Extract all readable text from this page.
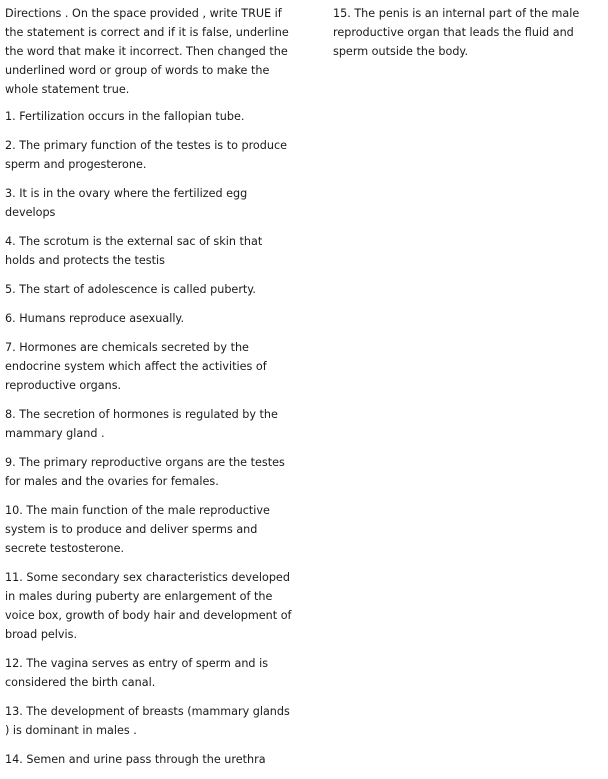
Directions . On the space provided , write TRUE if the statement is correct and if it is false, underline the word that make it incorrect. Then changed the underlined word or group of words to make the whole statement true.

1. Fertilization occurs in the fallopian tube.

2. The primary function of the testes is to produce sperm and progesterone.

3. It is in the ovary where the fertilized egg develops

4. The scrotum is the external sac of skin that holds and protects the testis

5. The start of adolescence is called puberty.

6. Humans reproduce asexually.

7. Hormones are chemicals secreted by the endocrine system which affect the activities of reproductive organs.

8. The secretion of hormones is regulated by the mammary gland .

9. The primary reproductive organs are the testes for males and the ovaries for females.

10. The main function of the male reproductive system is to produce and deliver sperms and secrete testosterone.

11. Some secondary sex characteristics developed in males during puberty are enlargement of the voice box, growth of body hair and development of broad pelvis.

12. The vagina serves as entry of sperm and is considered the birth canal.

13. The development of breasts (mammary glands ) is dominant in males .

14. Semen and urine pass through the urethra

15. The penis is an internal part of the male reproductive organ that leads the fluid and sperm outside the body.
